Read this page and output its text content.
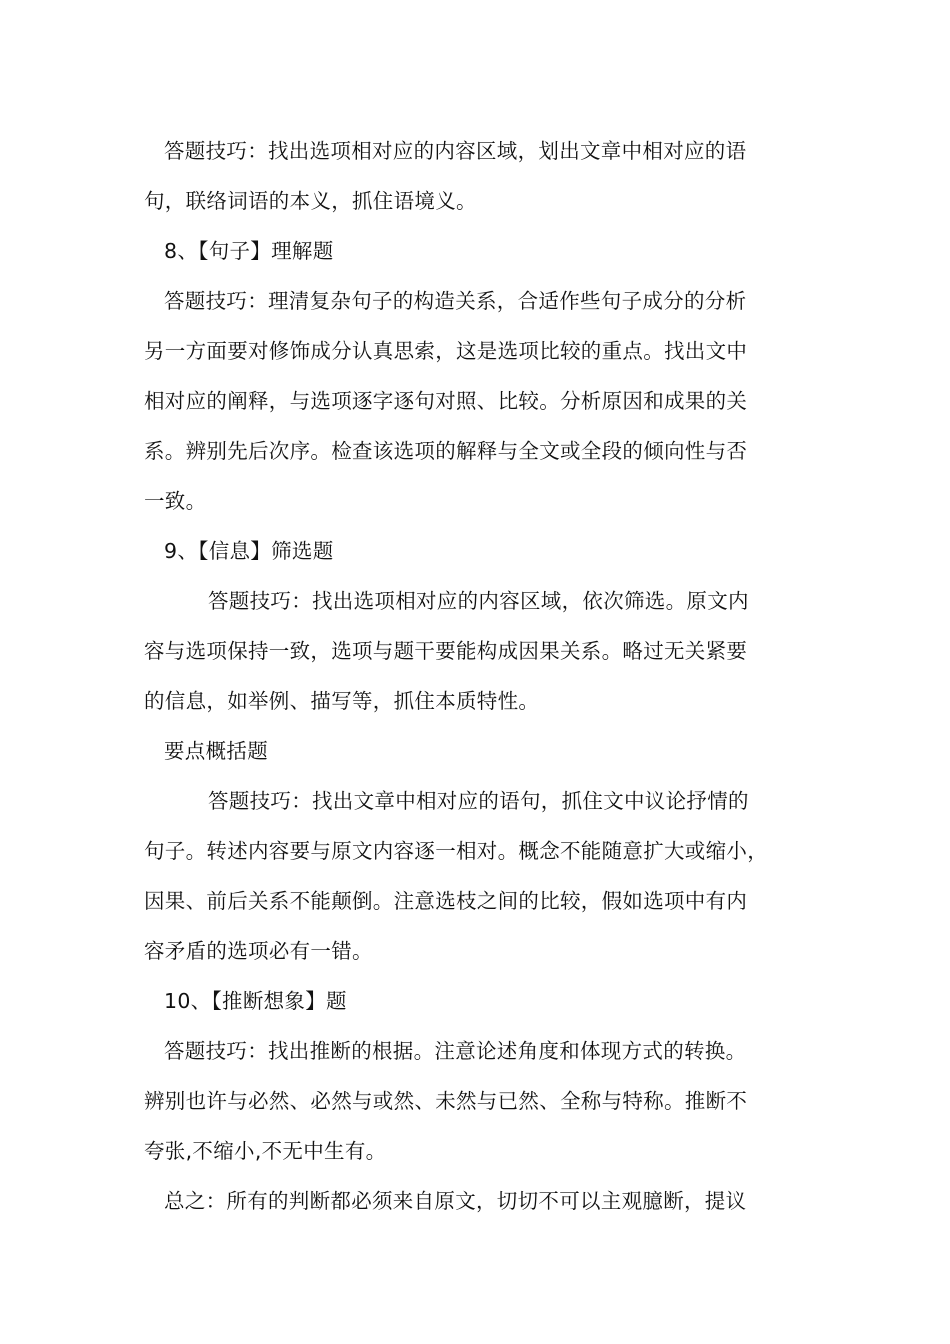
答题技巧：找出选项相对应的内容区域，划出文章中相对应的语
句，联络词语的本义，抓住语境义。
8、【句子】理解题
答题技巧：理清复杂句子的构造关系，合适作些句子成分的分析
另一方面要对修饰成分认真思索，这是选项比较的重点。找出文中
相对应的阐释，与选项逐字逐句对照、比较。分析原因和成果的关
系。辨别先后次序。检查该选项的解释与全文或全段的倾向性与否
一致。
9、【信息】筛选题
答题技巧：找出选项相对应的内容区域，依次筛选。原文内
容与选项保持一致，选项与题干要能构成因果关系。略过无关紧要
的信息，如举例、描写等，抓住本质特性。
要点概括题
答题技巧：找出文章中相对应的语句，抓住文中议论抒情的
句子。转述内容要与原文内容逐一相对。概念不能随意扩大或缩小，
因果、前后关系不能颠倒。注意选枝之间的比较，假如选项中有内
容矛盾的选项必有一错。
10、【推断想象】题
答题技巧：找出推断的根据。注意论述角度和体现方式的转换。
辨别也许与必然、必然与或然、未然与已然、全称与特称。推断不
夸张,不缩小,不无中生有。
总之：所有的判断都必须来自原文，切切不可以主观臆断，提议
